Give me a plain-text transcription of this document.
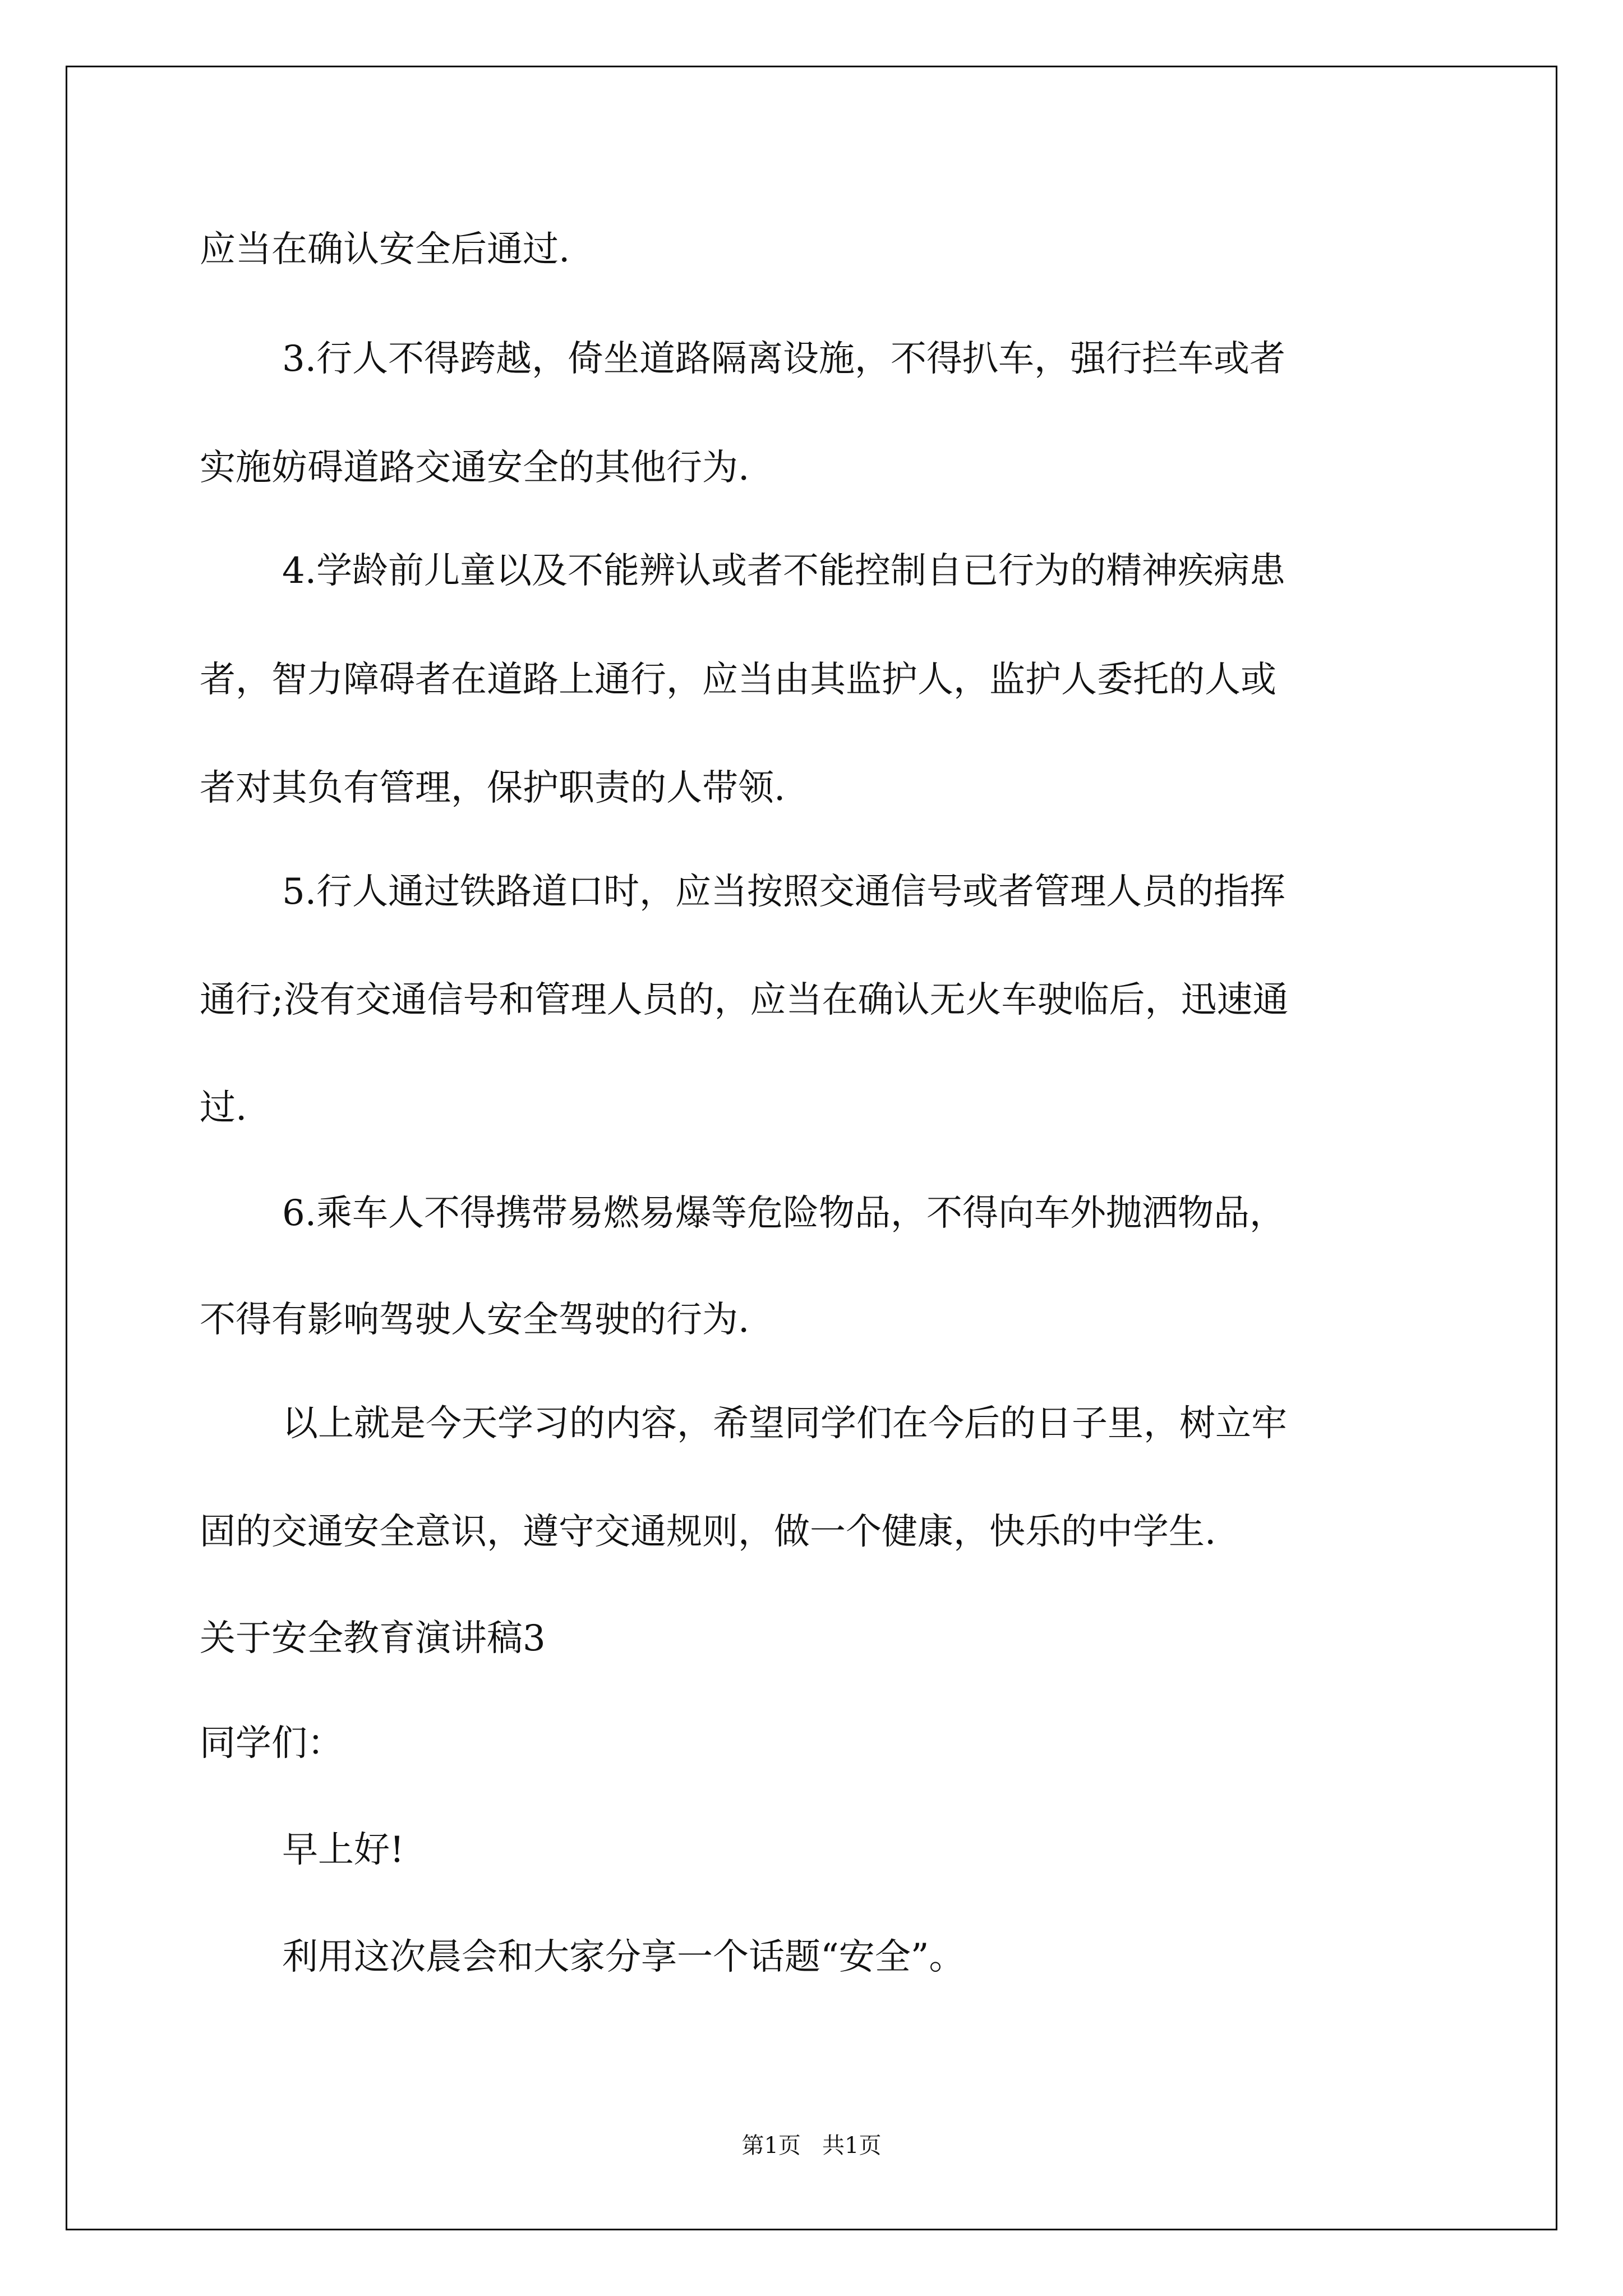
应当在确认安全后通过.

3.行人不得跨越，倚坐道路隔离设施，不得扒车，强行拦车或者

实施妨碍道路交通安全的其他行为.

4.学龄前儿童以及不能辨认或者不能控制自已行为的精神疾病患

者，智力障碍者在道路上通行，应当由其监护人，监护人委托的人或

者对其负有管理，保护职责的人带领.

5.行人通过铁路道口时，应当按照交通信号或者管理人员的指挥

通行;没有交通信号和管理人员的，应当在确认无火车驶临后，迅速通

过.

6.乘车人不得携带易燃易爆等危险物品，不得向车外抛洒物品，

不得有影响驾驶人安全驾驶的行为.

以上就是今天学习的内容，希望同学们在今后的日子里，树立牢

固的交通安全意识，遵守交通规则，做一个健康，快乐的中学生.

关于安全教育演讲稿3

同学们：

早上好!

利用这次晨会和大家分享一个话题“安全”。

第1页   共1页
